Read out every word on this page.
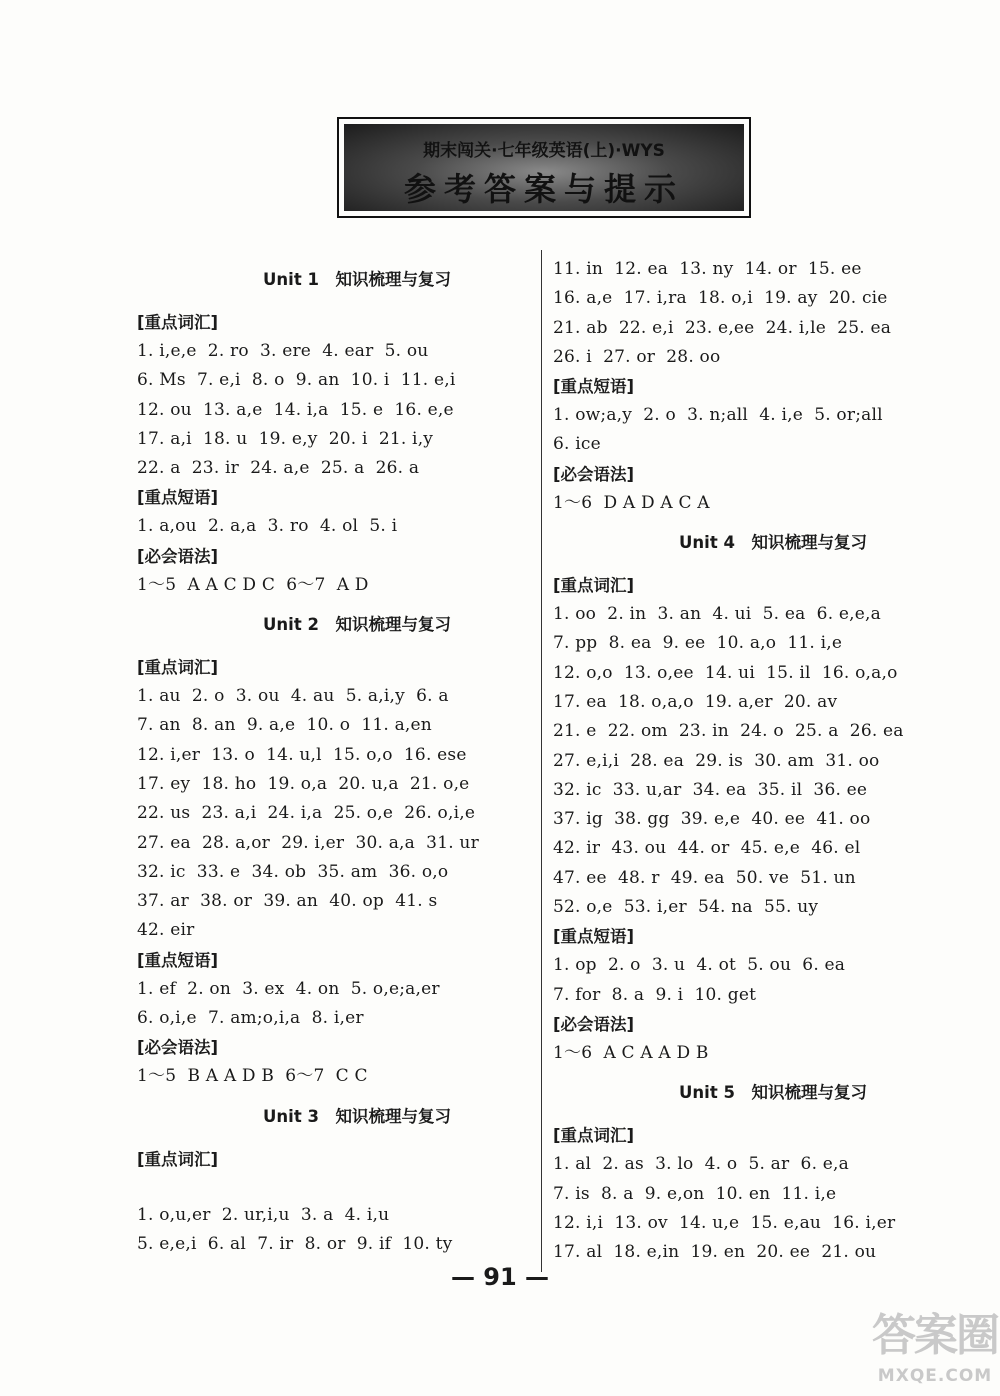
期末闯关·七年级英语(上)·WYS
参考答案与提示
Unit 1　知识梳理与复习
[重点词汇]
1. i,e,e  2. ro  3. ere  4. ear  5. ou
6. Ms  7. e,i  8. o  9. an  10. i  11. e,i
12. ou  13. a,e  14. i,a  15. e  16. e,e
17. a,i  18. u  19. e,y  20. i  21. i,y
22. a  23. ir  24. a,e  25. a  26. a
[重点短语]
1. a,ou  2. a,a  3. ro  4. ol  5. i
[必会语法]
1～5  A A C D C  6～7  A D
Unit 2　知识梳理与复习
[重点词汇]
1. au  2. o  3. ou  4. au  5. a,i,y  6. a
7. an  8. an  9. a,e  10. o  11. a,en
12. i,er  13. o  14. u,l  15. o,o  16. ese
17. ey  18. ho  19. o,a  20. u,a  21. o,e
22. us  23. a,i  24. i,a  25. o,e  26. o,i,e
27. ea  28. a,or  29. i,er  30. a,a  31. ur
32. ic  33. e  34. ob  35. am  36. o,o
37. ar  38. or  39. an  40. op  41. s
42. eir
[重点短语]
1. ef  2. on  3. ex  4. on  5. o,e;a,er
6. o,i,e  7. am;o,i,a  8. i,er
[必会语法]
1～5  B A A D B  6～7  C C
Unit 3　知识梳理与复习
[重点词汇]
1. o,u,er  2. ur,i,u  3. a  4. i,u
5. e,e,i  6. al  7. ir  8. or  9. if  10. ty
11. in  12. ea  13. ny  14. or  15. ee
16. a,e  17. i,ra  18. o,i  19. ay  20. cie
21. ab  22. e,i  23. e,ee  24. i,le  25. ea
26. i  27. or  28. oo
[重点短语]
1. ow;a,y  2. o  3. n;all  4. i,e  5. or;all
6. ice
[必会语法]
1～6  D A D A C A
Unit 4　知识梳理与复习
[重点词汇]
1. oo  2. in  3. an  4. ui  5. ea  6. e,e,a
7. pp  8. ea  9. ee  10. a,o  11. i,e
12. o,o  13. o,ee  14. ui  15. il  16. o,a,o
17. ea  18. o,a,o  19. a,er  20. av
21. e  22. om  23. in  24. o  25. a  26. ea
27. e,i,i  28. ea  29. is  30. am  31. oo
32. ic  33. u,ar  34. ea  35. il  36. ee
37. ig  38. gg  39. e,e  40. ee  41. oo
42. ir  43. ou  44. or  45. e,e  46. el
47. ee  48. r  49. ea  50. ve  51. un
52. o,e  53. i,er  54. na  55. uy
[重点短语]
1. op  2. o  3. u  4. ot  5. ou  6. ea
7. for  8. a  9. i  10. get
[必会语法]
1～6  A C A A D B
Unit 5　知识梳理与复习
[重点词汇]
1. al  2. as  3. lo  4. o  5. ar  6. e,a
7. is  8. a  9. e,on  10. en  11. i,e
12. i,i  13. ov  14. u,e  15. e,au  16. i,er
17. al  18. e,in  19. en  20. ee  21. ou
— 91 —
答案圈
MXQE.COM
